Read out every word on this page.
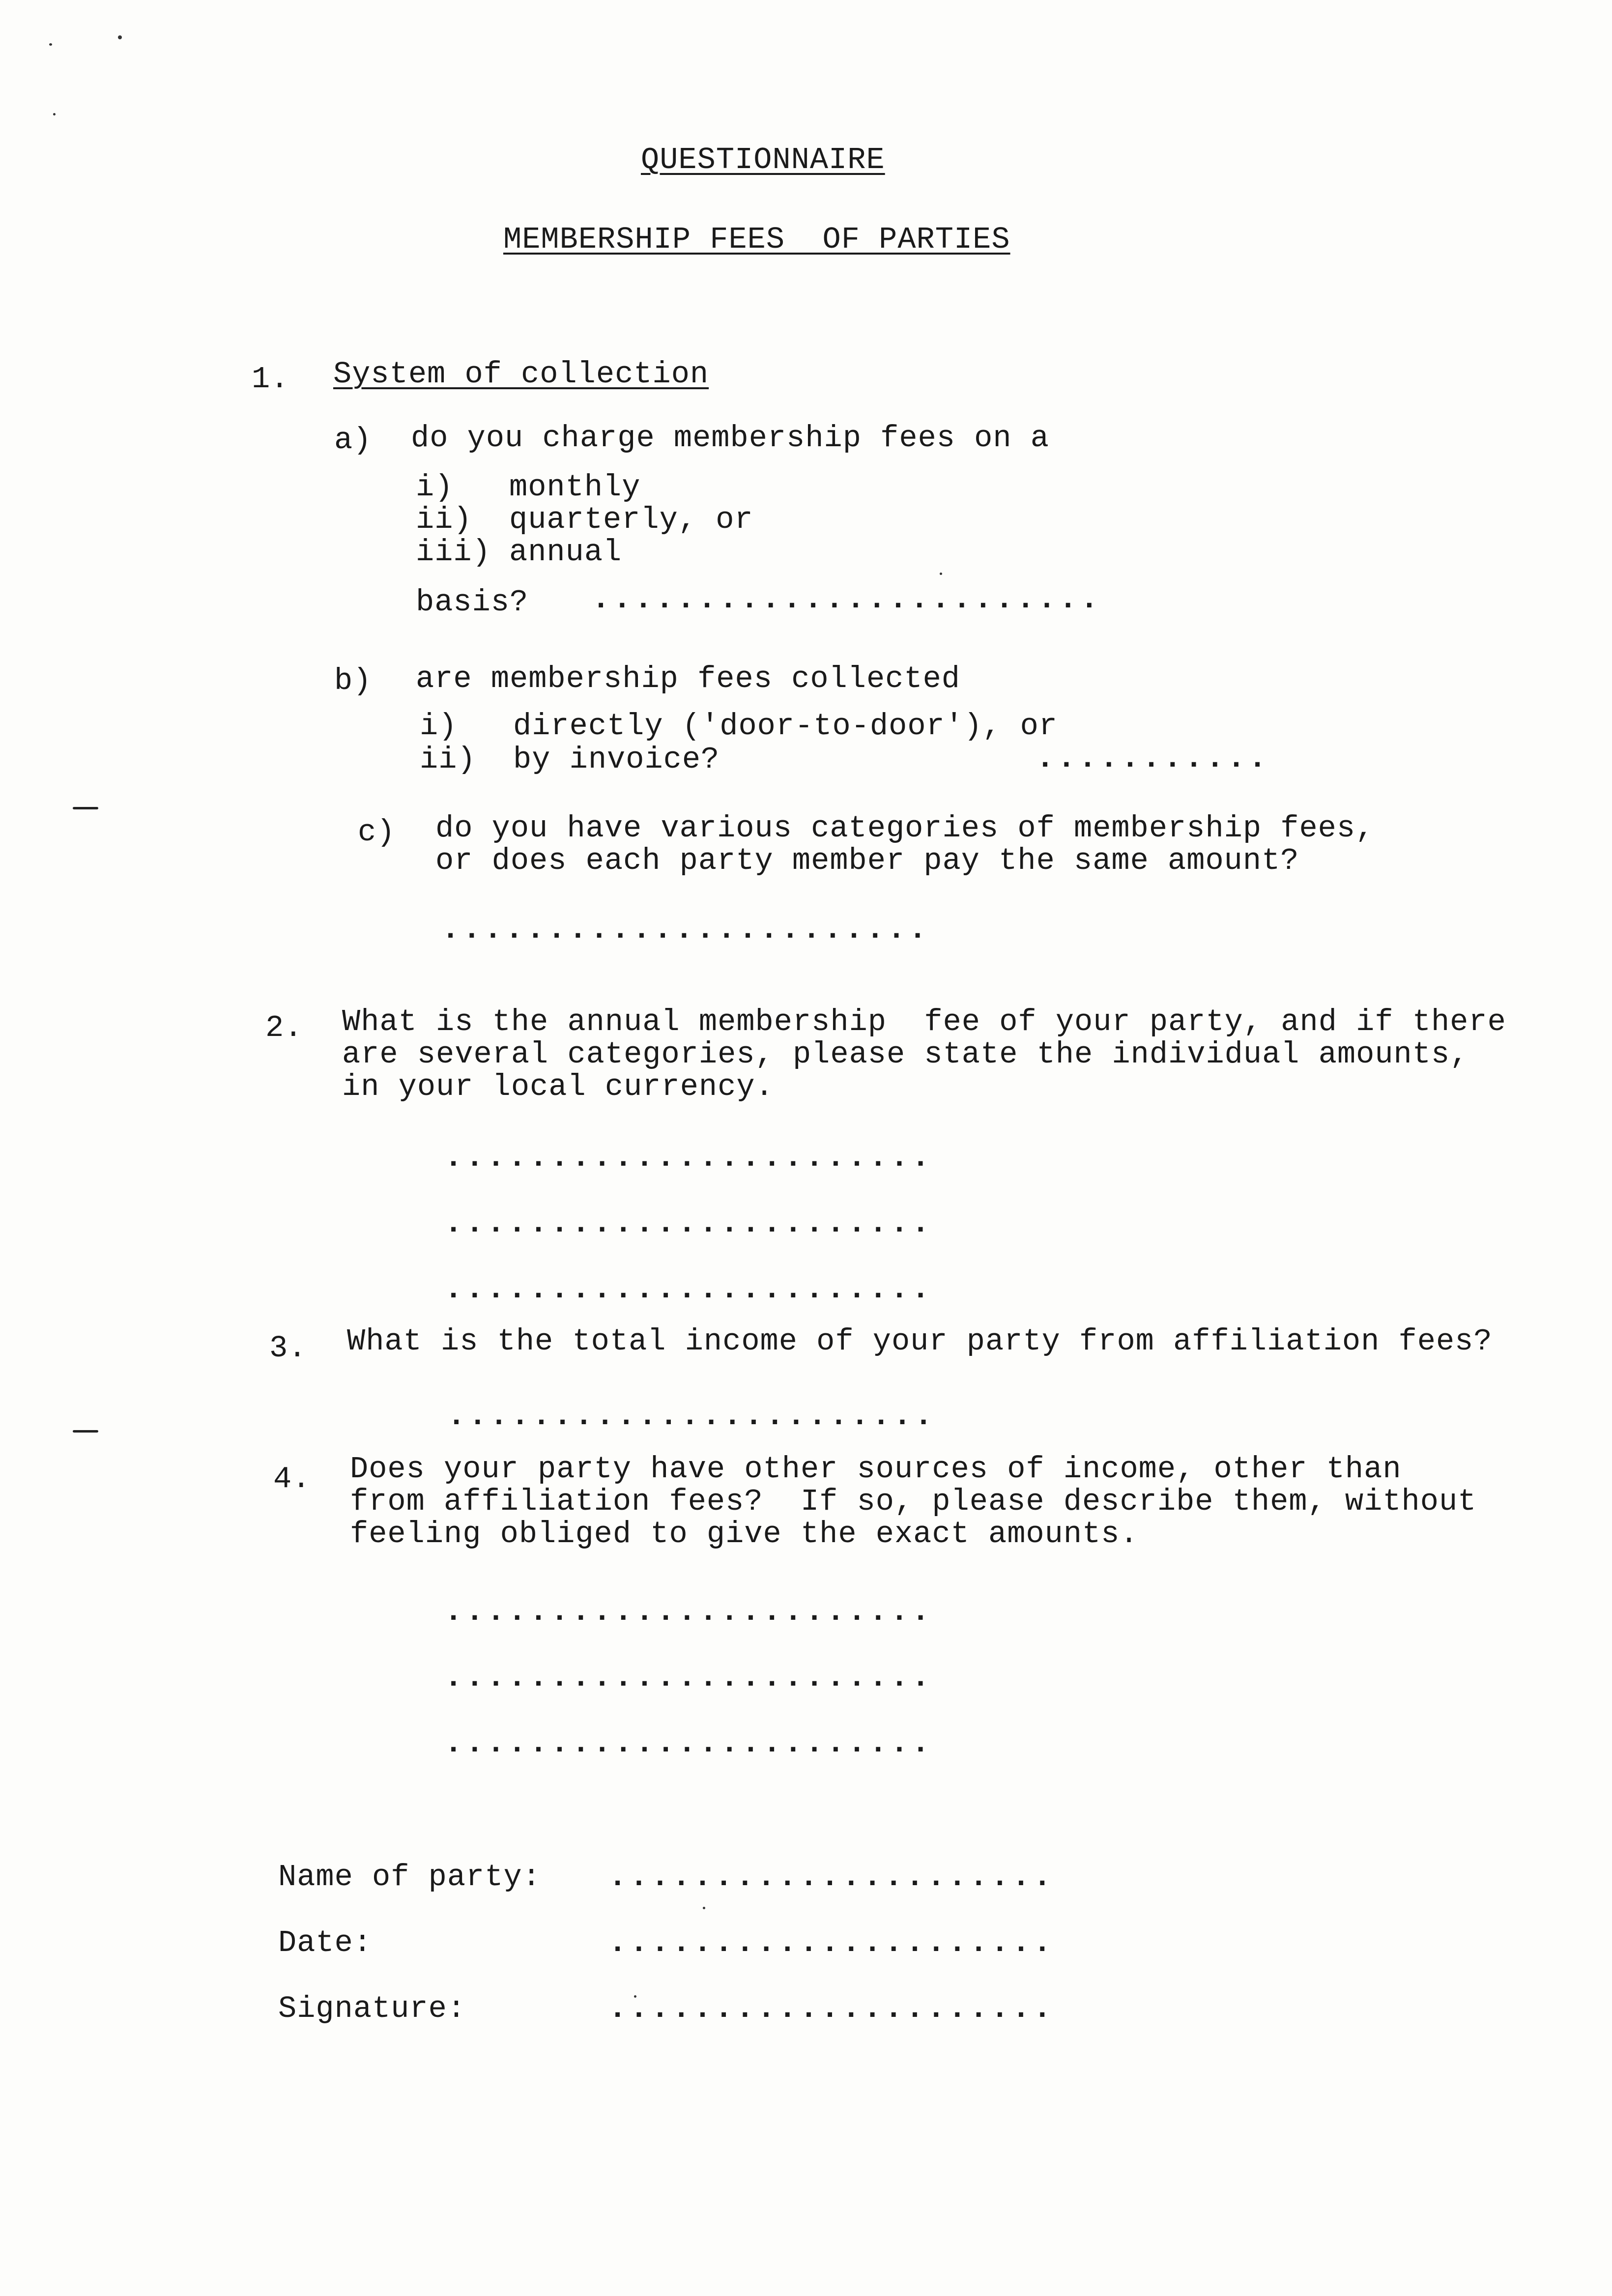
QUESTIONNAIRE
MEMBERSHIP FEES  OF PARTIES
1. System of collection
a) do you charge membership fees on a
i) monthly
ii) quarterly, or
iii) annual
basis? ........................
b) are membership fees collected
i) directly ('door-to-door'), or
ii) by invoice?	...........
c) do you have various categories of membership fees,
or does each party member pay the same amount?
.......................
2. What is the annual membership  fee of your party, and if there
are several categories, please state the individual amounts,
in your local currency.
.......................
.......................
.......................
3. What is the total income of your party from affiliation fees?
.......................
4. Does your party have other sources of income, other than
from affiliation fees?  If so, please describe them, without
feeling obliged to give the exact amounts.
.......................
.......................
.......................
Name of party: .....................
Date:	.....................
Signature:	.....................
